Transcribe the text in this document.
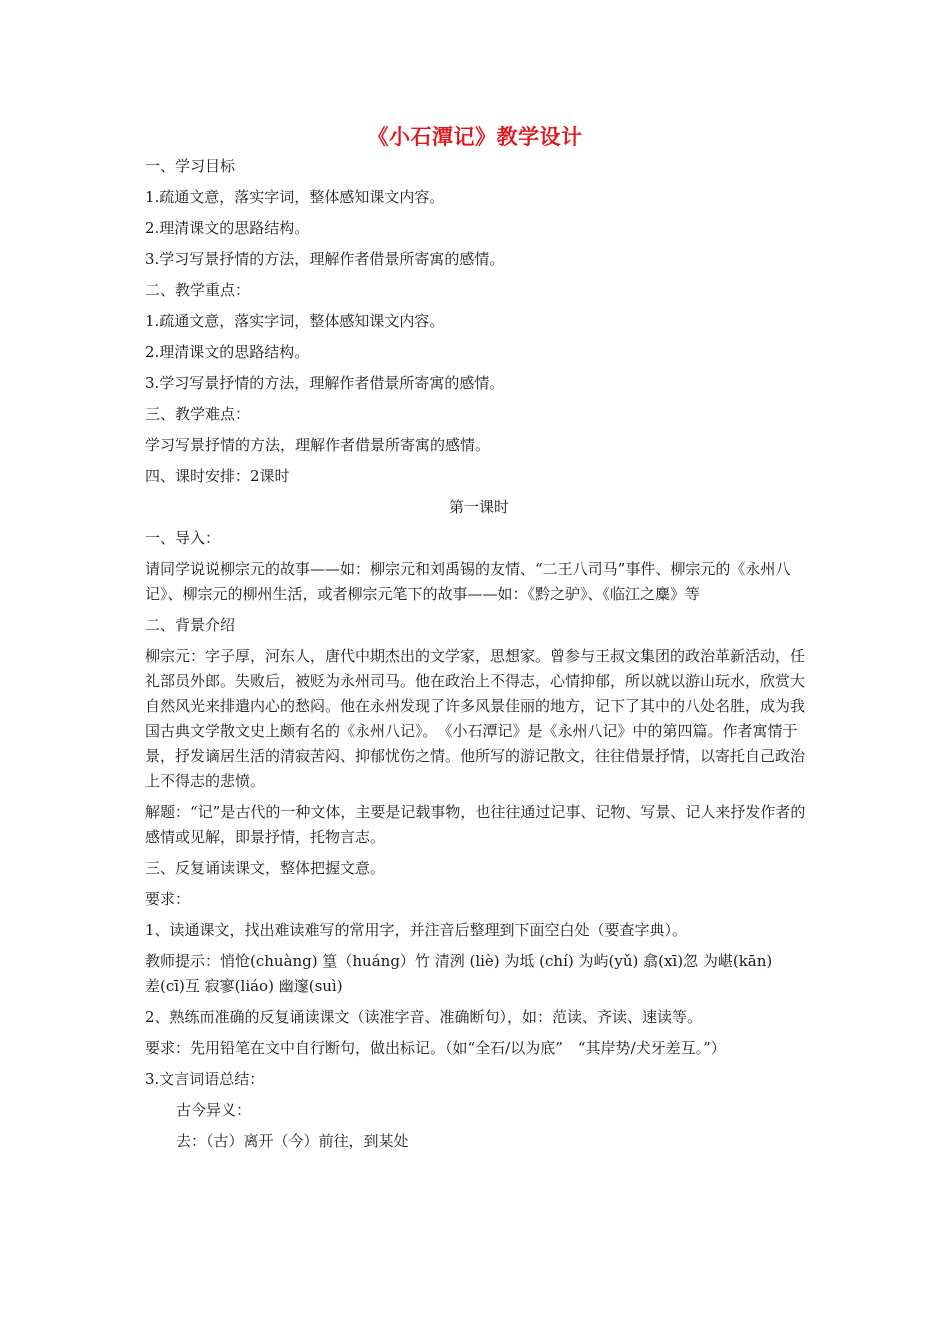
《小石潭记》教学设计

一、学习目标

1.疏通文意，落实字词，整体感知课文内容。

2.理清课文的思路结构。

3.学习写景抒情的方法，理解作者借景所寄寓的感情。

二、教学重点：

1.疏通文意，落实字词，整体感知课文内容。

2.理清课文的思路结构。

3.学习写景抒情的方法，理解作者借景所寄寓的感情。

三、教学难点：

学习写景抒情的方法，理解作者借景所寄寓的感情。

四、课时安排：2课时

第一课时

一、导入：

请同学说说柳宗元的故事——如：柳宗元和刘禹锡的友情、“二王八司马”事件、柳宗元的《永州八记》、柳宗元的柳州生活，或者柳宗元笔下的故事——如：《黔之驴》、《临江之麋》等

二、背景介绍

柳宗元：字子厚，河东人，唐代中期杰出的文学家，思想家。曾参与王叔文集团的政治革新活动，任礼部员外郎。失败后，被贬为永州司马。他在政治上不得志，心情抑郁，所以就以游山玩水，欣赏大自然风光来排遣内心的愁闷。他在永州发现了许多风景佳丽的地方，记下了其中的八处名胜，成为我国古典文学散文史上颇有名的《永州八记》。　《小石潭记》是《永州八记》中的第四篇。作者寓情于景，抒发谪居生活的清寂苦闷、抑郁忧伤之情。他所写的游记散文，往往借景抒情，以寄托自己政治上不得志的悲愤。

解题：“记”是古代的一种文体，主要是记载事物，也往往通过记事、记物、写景、记人来抒发作者的感情或见解，即景抒情，托物言志。

三、反复诵读课文，整体把握文意。

要求：

1、读通课文，找出难读难写的常用字，并注音后整理到下面空白处（要查字典）。

教师提示：悄怆(chuàng) 篁（huáng）竹 清洌 (liè) 为坻 (chí) 为屿(yǔ) 翕(xī)忽 为嵁(kān)　　　 差(cī)互 寂寥(liáo) 幽邃(suì)

2、熟练而准确的反复诵读课文（读准字音、准确断句），如：范读、齐读、速读等。

要求：先用铅笔在文中自行断句，做出标记。（如“全石/以为底”　“其岸势/犬牙差互。”）

3.文言词语总结：

古今异义：

去：（古）离开（今）前往，到某处
